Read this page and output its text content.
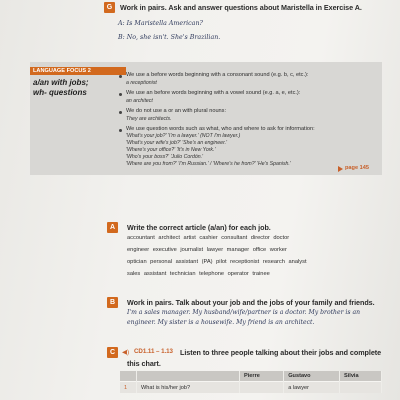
G	Work in pairs. Ask and answer questions about Maristella in Exercise A.
A: Is Maristella American?
B: No, she isn't. She's Brazilian.
LANGUAGE FOCUS 2
a/an with jobs;
wh- questions
We use a before words beginning with a consonant sound (e.g. b, c, etc.):
a receptionist
We use an before words beginning with a vowel sound (e.g. a, e, etc.):
an architect
We do not use a or an with plural nouns:
They are architects.
We use question words such as what, who and where to ask for information:
'What's your job?' 'I'm a lawyer.' (NOT I'm lawyer.)
'What's your wife's job?' 'She's an engineer.'
'Where's your office?' 'It's in New York.'
'Who's your boss?' 'Julio Cordón.'
'Where are you from?' 'I'm Russian.' / 'Where's he from?' 'He's Spanish.'
page 145
A	Write the correct article (a/an) for each job.
accountant architect artist cashier consultant director doctor
engineer executive journalist lawyer manager office worker
optician personal assistant (PA) pilot receptionist research analyst
sales assistant technician telephone operator trainee
B	Work in pairs. Talk about your job and the jobs of your family and friends.
I'm a sales manager. My husband/wife/partner is a doctor. My brother is an
engineer. My sister is a housewife. My friend is an architect.
C	◀) CD1.11 – 1.13 Listen to three people talking about their jobs and complete
this chart.
		Pierre	Gustavo	Silvia
1	What is his/her job?		a lawyer	
